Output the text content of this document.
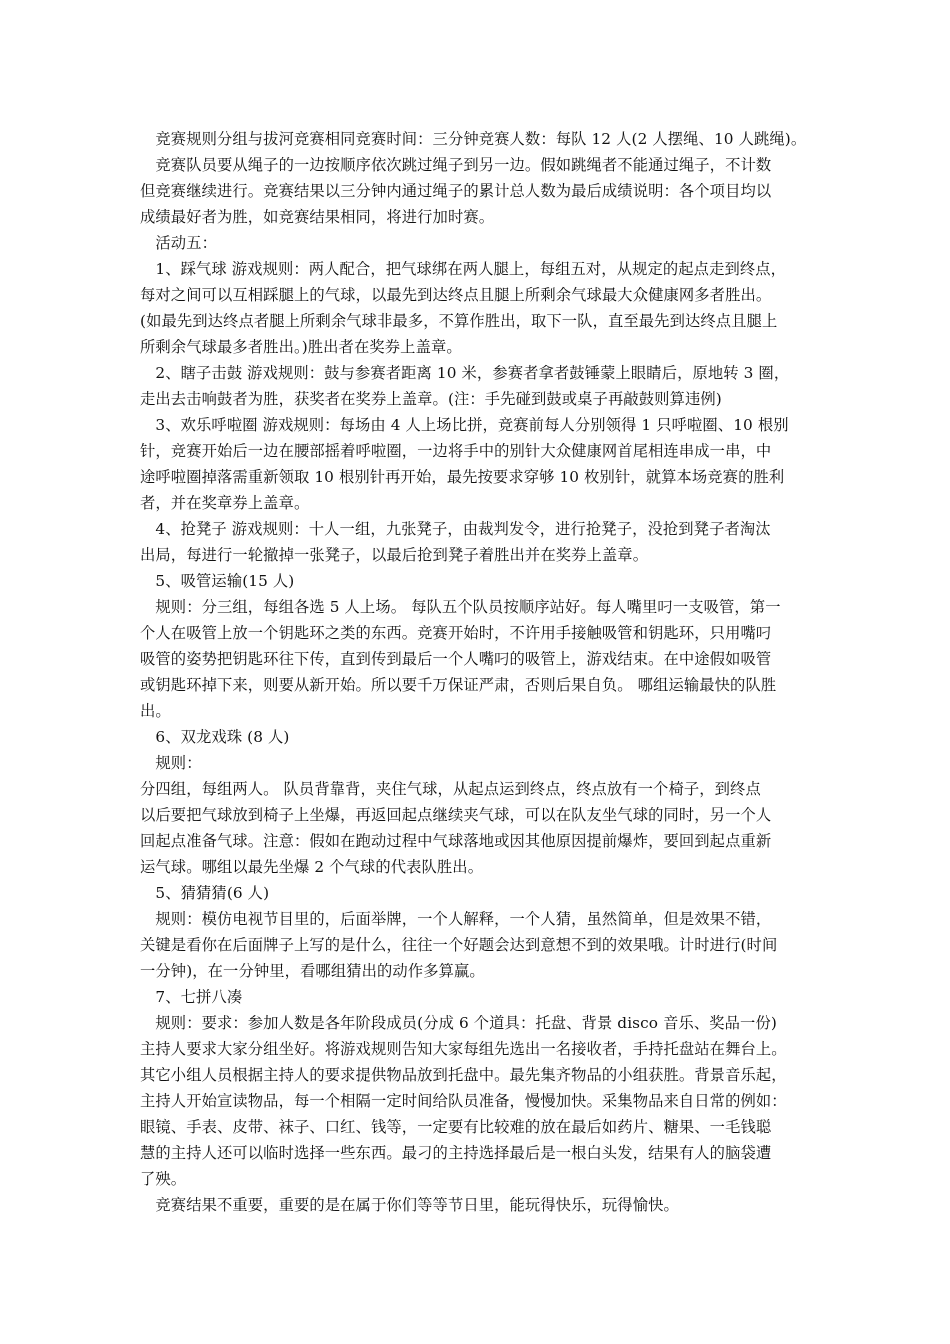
　竞赛规则分组与拔河竞赛相同竞赛时间：三分钟竞赛人数：每队 12 人(2 人摆绳、10 人跳绳)。

　竞赛队员要从绳子的一边按顺序依次跳过绳子到另一边。假如跳绳者不能通过绳子，不计数
但竞赛继续进行。竞赛结果以三分钟内通过绳子的累计总人数为最后成绩说明：各个项目均以
成绩最好者为胜，如竞赛结果相同，将进行加时赛。

　活动五：

　1、踩气球 游戏规则：两人配合，把气球绑在两人腿上，每组五对，从规定的起点走到终点，
每对之间可以互相踩腿上的气球，以最先到达终点且腿上所剩余气球最大众健康网多者胜出。
(如最先到达终点者腿上所剩余气球非最多，不算作胜出，取下一队，直至最先到达终点且腿上
所剩余气球最多者胜出。)胜出者在奖券上盖章。

　2、瞎子击鼓 游戏规则：鼓与参赛者距离 10 米，参赛者拿者鼓锤蒙上眼睛后，原地转 3 圈，
走出去击响鼓者为胜，获奖者在奖券上盖章。(注：手先碰到鼓或桌子再敲鼓则算违例)

　3、欢乐呼啦圈 游戏规则：每场由 4 人上场比拼，竞赛前每人分别领得 1 只呼啦圈、10 根别
针，竞赛开始后一边在腰部摇着呼啦圈，一边将手中的别针大众健康网首尾相连串成一串，中
途呼啦圈掉落需重新领取 10 根别针再开始，最先按要求穿够 10 枚别针，就算本场竞赛的胜利
者，并在奖章券上盖章。

　4、抢凳子 游戏规则：十人一组，九张凳子，由裁判发令，进行抢凳子，没抢到凳子者淘汰
出局，每进行一轮撤掉一张凳子，以最后抢到凳子着胜出并在奖券上盖章。

　5、吸管运输(15 人)

　规则：分三组，每组各选 5 人上场。 每队五个队员按顺序站好。每人嘴里叼一支吸管，第一
个人在吸管上放一个钥匙环之类的东西。竞赛开始时，不许用手接触吸管和钥匙环，只用嘴叼
吸管的姿势把钥匙环往下传，直到传到最后一个人嘴叼的吸管上，游戏结束。在中途假如吸管
或钥匙环掉下来，则要从新开始。所以要千万保证严肃，否则后果自负。 哪组运输最快的队胜
出。

　6、双龙戏珠 (8 人)

　规则：

分四组，每组两人。 队员背靠背，夹住气球，从起点运到终点，终点放有一个椅子，到终点
以后要把气球放到椅子上坐爆，再返回起点继续夹气球，可以在队友坐气球的同时，另一个人
回起点准备气球。注意：假如在跑动过程中气球落地或因其他原因提前爆炸，要回到起点重新
运气球。哪组以最先坐爆 2 个气球的代表队胜出。

　5、猜猜猜(6 人)

　规则：模仿电视节目里的，后面举牌，一个人解释，一个人猜，虽然简单，但是效果不错，
关键是看你在后面牌子上写的是什么，往往一个好题会达到意想不到的效果哦。计时进行(时间
一分钟)，在一分钟里，看哪组猜出的动作多算赢。

　7、七拼八凑

　规则：要求：参加人数是各年阶段成员(分成 6 个道具：托盘、背景 disco 音乐、奖品一份)
主持人要求大家分组坐好。将游戏规则告知大家每组先选出一名接收者，手持托盘站在舞台上。
其它小组人员根据主持人的要求提供物品放到托盘中。最先集齐物品的小组获胜。背景音乐起，
主持人开始宣读物品，每一个相隔一定时间给队员准备，慢慢加快。采集物品来自日常的例如：
眼镜、手表、皮带、袜子、口红、钱等，一定要有比较难的放在最后如药片、糖果、一毛钱聪
慧的主持人还可以临时选择一些东西。最刁的主持选择最后是一根白头发，结果有人的脑袋遭
了殃。

　竞赛结果不重要，重要的是在属于你们等等节日里，能玩得快乐，玩得愉快。
